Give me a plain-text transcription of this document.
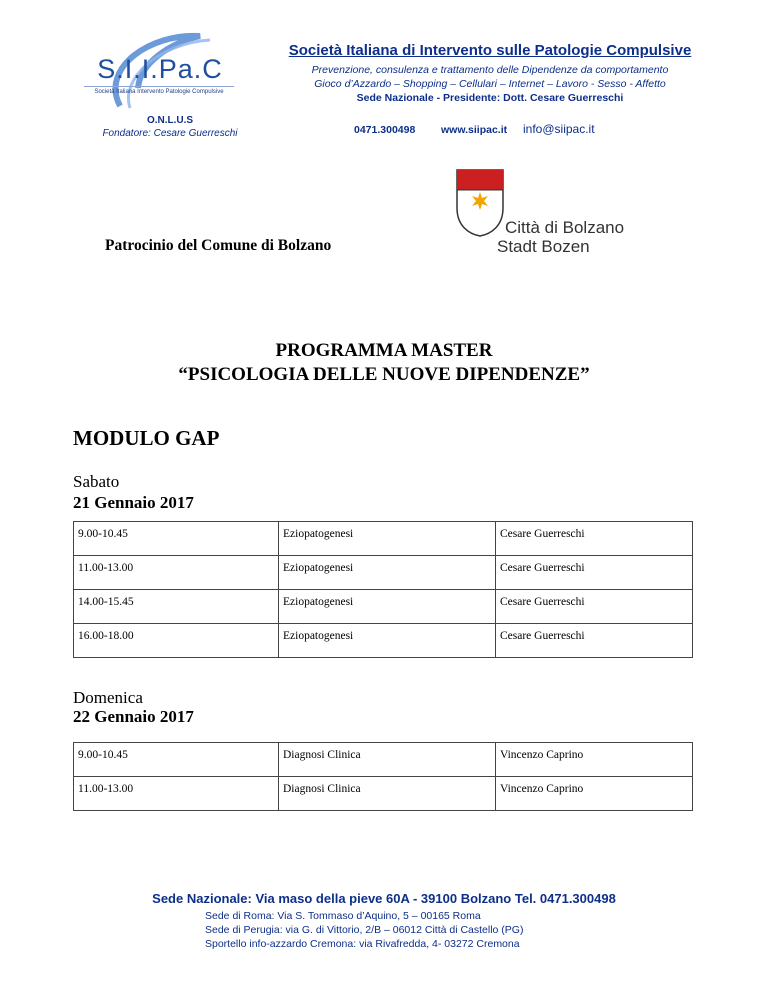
S.I.I.Pa.C
Società Italiana Intervento Patologie Compulsive
O.N.L.U.S
Fondatore: Cesare Guerreschi
Società Italiana di Intervento sulle Patologie Compulsive
Prevenzione, consulenza e trattamento delle Dipendenze da comportamento
Gioco d’Azzardo – Shopping – Cellulari – Internet – Lavoro - Sesso - Affetto
Sede Nazionale - Presidente: Dott. Cesare Guerreschi
0471.300498 www.siipac.it info@siipac.it
Città di Bolzano
Stadt Bozen
Patrocinio del Comune di Bolzano
PROGRAMMA MASTER
“PSICOLOGIA DELLE NUOVE DIPENDENZE”
MODULO GAP
Sabato
21 Gennaio 2017
9.00-10.45	Eziopatogenesi	Cesare Guerreschi
11.00-13.00	Eziopatogenesi	Cesare Guerreschi
14.00-15.45	Eziopatogenesi	Cesare Guerreschi
16.00-18.00	Eziopatogenesi	Cesare Guerreschi
Domenica
22 Gennaio 2017
9.00-10.45	Diagnosi Clinica	Vincenzo Caprino
11.00-13.00	Diagnosi Clinica	Vincenzo Caprino
Sede Nazionale: Via maso della pieve 60A - 39100 Bolzano Tel. 0471.300498
Sede di Roma: Via S. Tommaso d’Aquino, 5 – 00165 Roma
Sede di Perugia: via G. di Vittorio, 2/B – 06012 Città di Castello (PG)
Sportello info-azzardo Cremona: via Rivafredda, 4- 03272 Cremona
